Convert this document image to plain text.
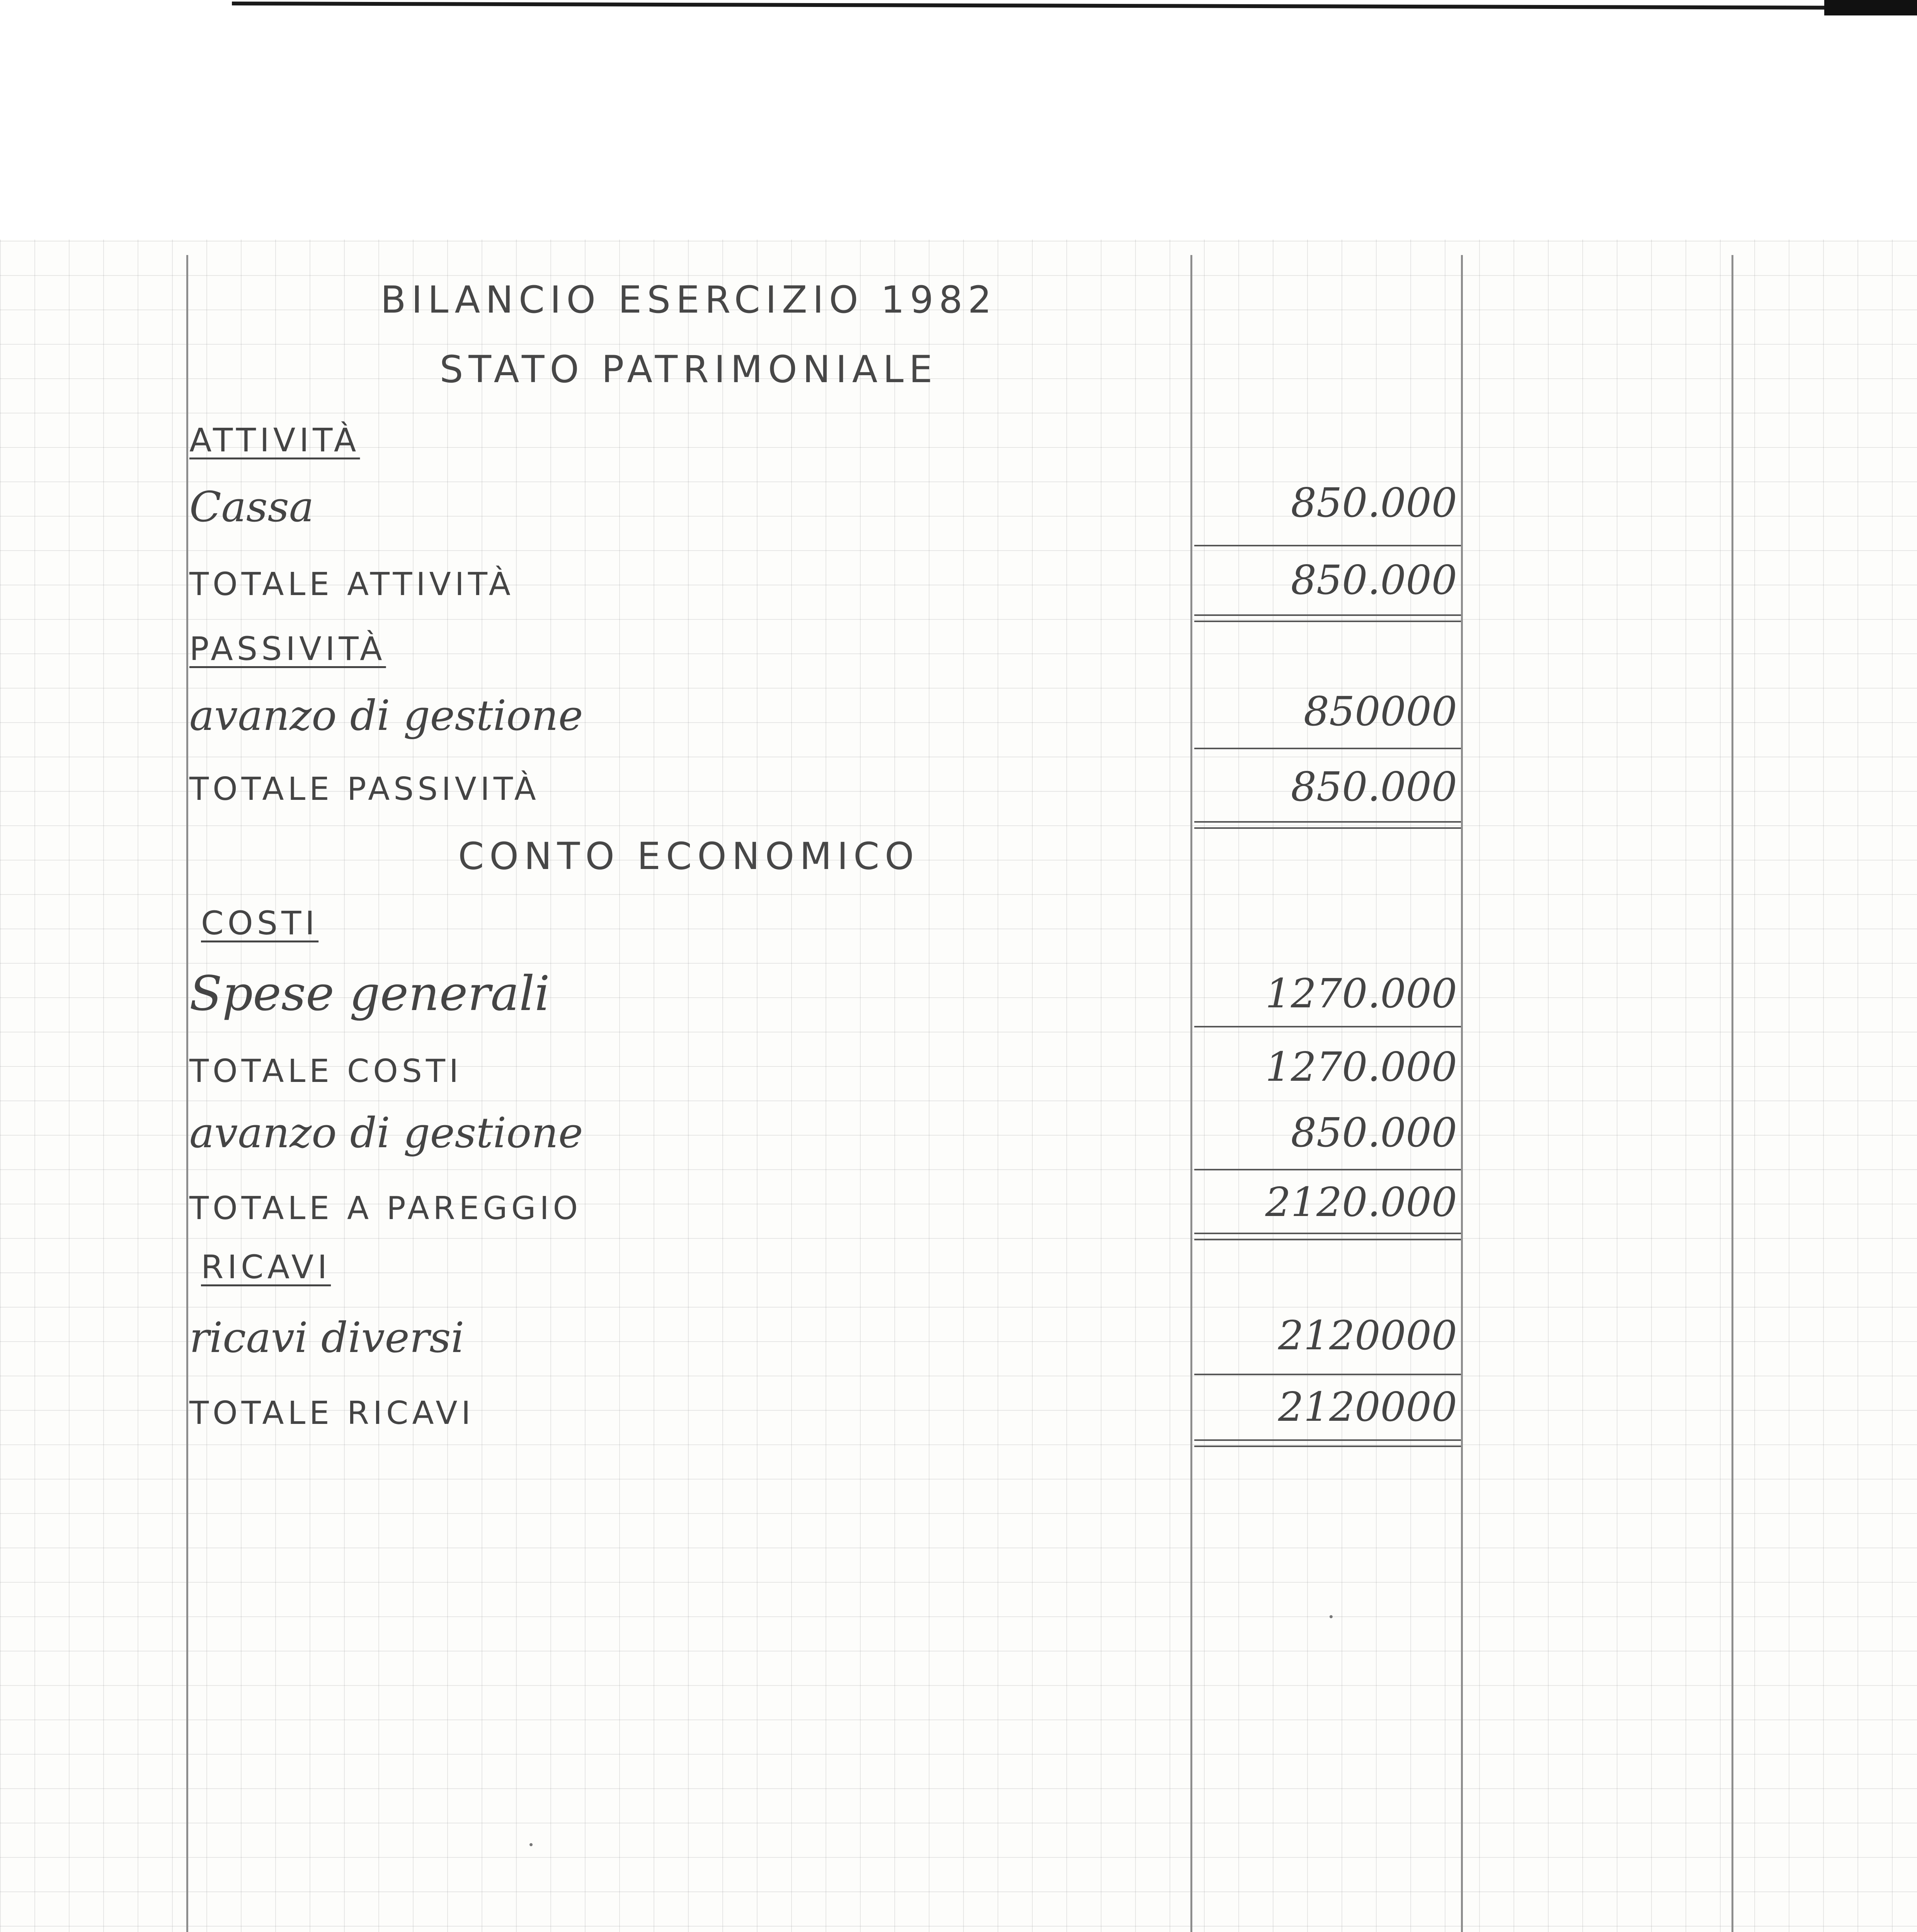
BILANCIO ESERCIZIO 1982
STATO PATRIMONIALE
ATTIVITÀ
Cassa	850.000
TOTALE ATTIVITÀ	850.000
PASSIVITÀ
avanzo di gestione	850000
TOTALE PASSIVITÀ	850.000
CONTO ECONOMICO
COSTI
Spese generali	1270.000
TOTALE COSTI	1270.000
avanzo di gestione	850.000
TOTALE A PAREGGIO	2120.000
RICAVI
ricavi diversi	2120000
TOTALE RICAVI	2120000
